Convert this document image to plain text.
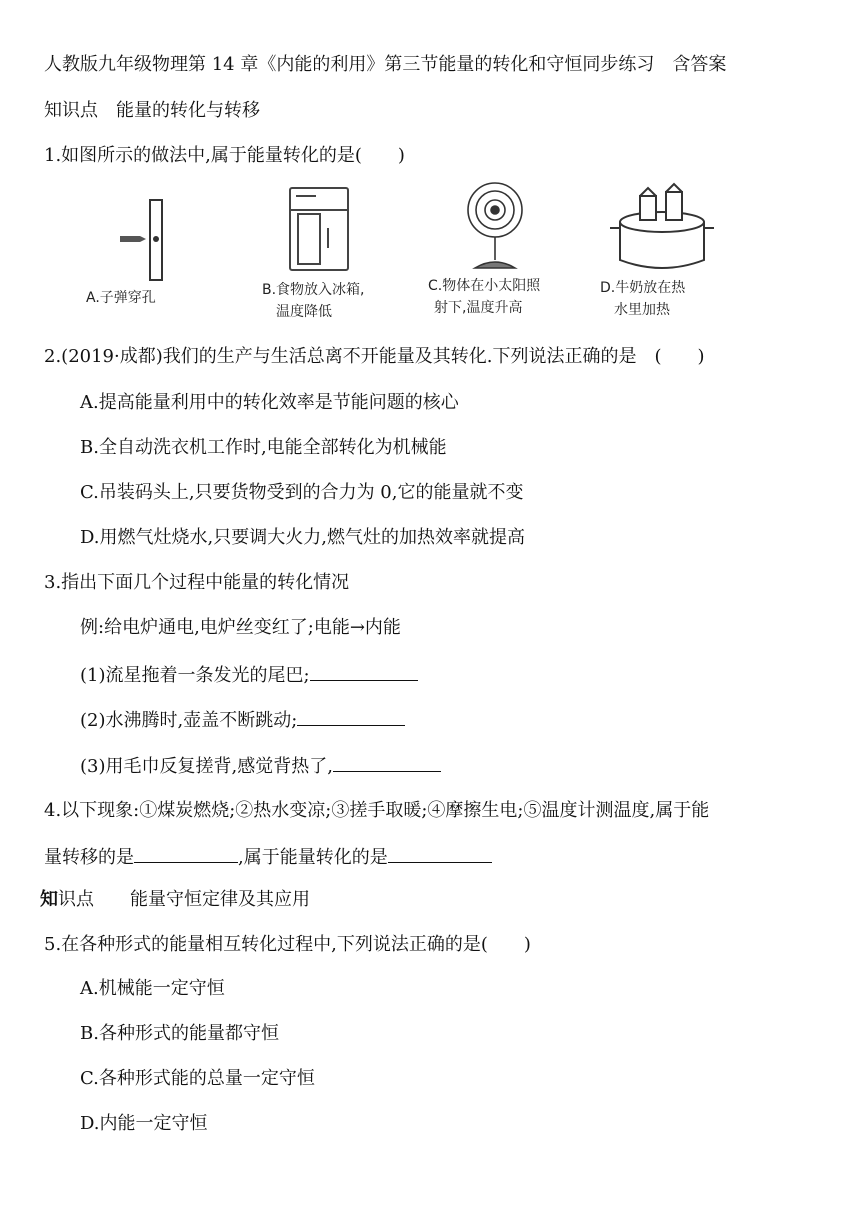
人教版九年级物理第 14 章《内能的利用》第三节能量的转化和守恒同步练习　含答案
知识点　能量的转化与转移
1.如图所示的做法中,属于能量转化的是(　　)
A.子弹穿孔	B.食物放入冰箱,
温度降低
C.物体在小太阳照
射下,温度升高
D.牛奶放在热
水里加热
2.(2019·成都)我们的生产与生活总离不开能量及其转化.下列说法正确的是　(　　)
A.提高能量利用中的转化效率是节能问题的核心
B.全自动洗衣机工作时,电能全部转化为机械能
C.吊装码头上,只要货物受到的合力为 0,它的能量就不变
D.用燃气灶烧水,只要调大火力,燃气灶的加热效率就提高
3.指出下面几个过程中能量的转化情况
例:给电炉通电,电炉丝变红了;电能→内能
(1)流星拖着一条发光的尾巴;
(2)水沸腾时,壶盖不断跳动;
(3)用毛巾反复搓背,感觉背热了,
4.以下现象:①煤炭燃烧;②热水变凉;③搓手取暖;④摩擦生电;⑤温度计测温度,属于能
量转移的是	,属于能量转化的是
知识点　　能量守恒定律及其应用
5.在各种形式的能量相互转化过程中,下列说法正确的是(　　)
A.机械能一定守恒
B.各种形式的能量都守恒
C.各种形式能的总量一定守恒
D.内能一定守恒
